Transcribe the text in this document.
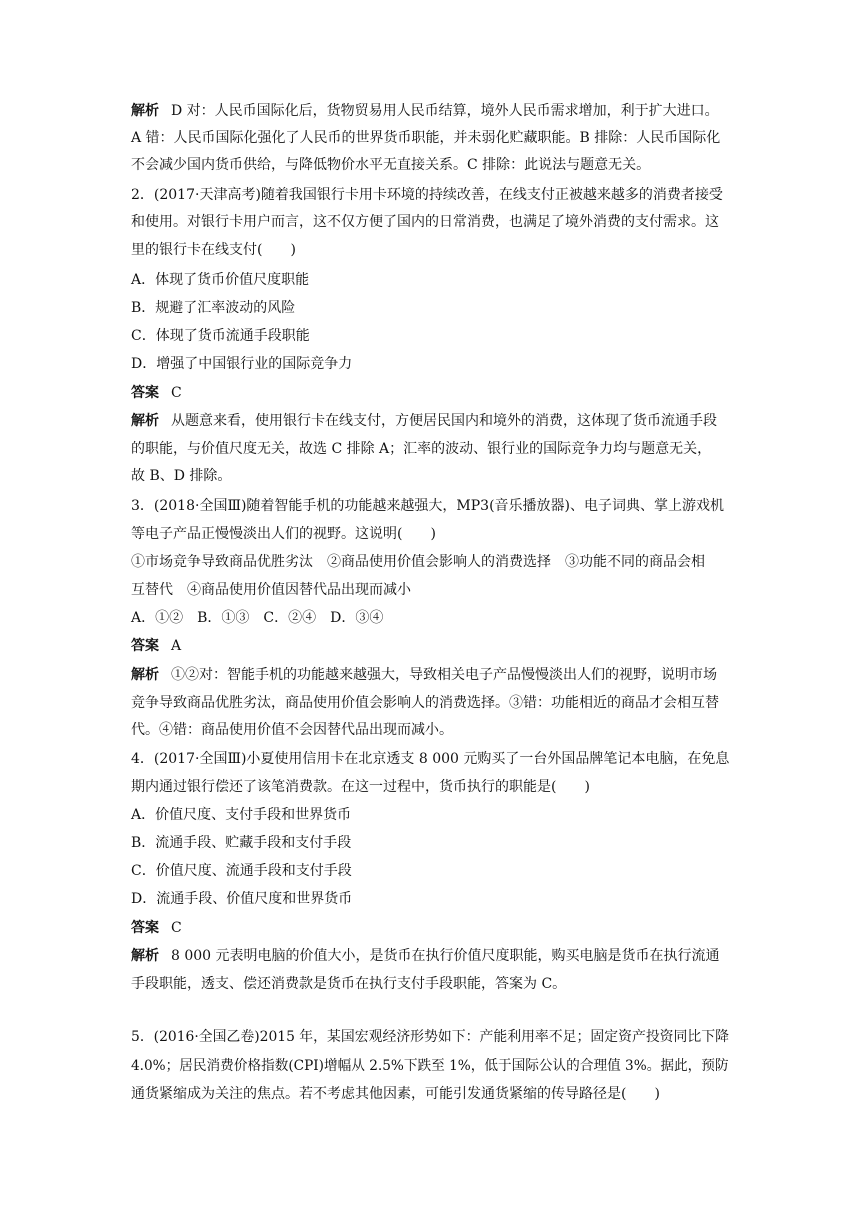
解析 D 对：人民币国际化后，货物贸易用人民币结算，境外人民币需求增加，利于扩大进口。
A 错：人民币国际化强化了人民币的世界货币职能，并未弱化贮藏职能。B 排除：人民币国际化
不会减少国内货币供给，与降低物价水平无直接关系。C 排除：此说法与题意无关。
2．(2017·天津高考)随着我国银行卡用卡环境的持续改善，在线支付正被越来越多的消费者接受
和使用。对银行卡用户而言，这不仅方便了国内的日常消费，也满足了境外消费的支付需求。这
里的银行卡在线支付(　　)
A．体现了货币价值尺度职能
B．规避了汇率波动的风险
C．体现了货币流通手段职能
D．增强了中国银行业的国际竞争力
答案 C
解析 从题意来看，使用银行卡在线支付，方便居民国内和境外的消费，这体现了货币流通手段
的职能，与价值尺度无关，故选 C 排除 A；汇率的波动、银行业的国际竞争力均与题意无关，
故 B、D 排除。
3．(2018·全国Ⅲ)随着智能手机的功能越来越强大，MP3(音乐播放器)、电子词典、掌上游戏机
等电子产品正慢慢淡出人们的视野。这说明(　　)
①市场竞争导致商品优胜劣汰　②商品使用价值会影响人的消费选择　③功能不同的商品会相
互替代　④商品使用价值因替代品出现而减小
A．①②　B．①③　C．②④　D．③④
答案 A
解析 ①②对：智能手机的功能越来越强大，导致相关电子产品慢慢淡出人们的视野，说明市场
竞争导致商品优胜劣汰，商品使用价值会影响人的消费选择。③错：功能相近的商品才会相互替
代。④错：商品使用价值不会因替代品出现而减小。
4．(2017·全国Ⅲ)小夏使用信用卡在北京透支 8 000 元购买了一台外国品牌笔记本电脑，在免息
期内通过银行偿还了该笔消费款。在这一过程中，货币执行的职能是(　　)
A．价值尺度、支付手段和世界货币
B．流通手段、贮藏手段和支付手段
C．价值尺度、流通手段和支付手段
D．流通手段、价值尺度和世界货币
答案 C
解析 8 000 元表明电脑的价值大小，是货币在执行价值尺度职能，购买电脑是货币在执行流通
手段职能，透支、偿还消费款是货币在执行支付手段职能，答案为 C。
5．(2016·全国乙卷)2015 年，某国宏观经济形势如下：产能利用率不足；固定资产投资同比下降
4.0%；居民消费价格指数(CPI)增幅从 2.5%下跌至 1%，低于国际公认的合理值 3%。据此，预防
通货紧缩成为关注的焦点。若不考虑其他因素，可能引发通货紧缩的传导路径是(　　)
